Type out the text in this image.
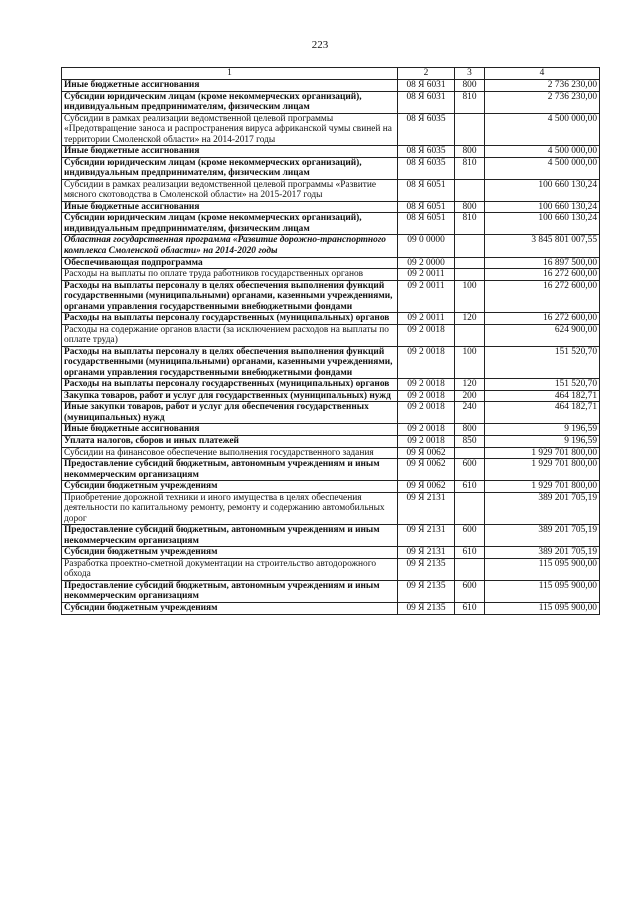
223
1	2	3	4
Иные бюджетные ассигнования	08 Я 6031	800	2 736 230,00
Субсидии юридическим лицам (кроме некоммерческих организаций), индивидуальным предпринимателям, физическим лицам	08 Я 6031	810	2 736 230,00
Субсидии в рамках реализации ведомственной целевой программы «Предотвращение заноса и распространения вируса африканской чумы свиней на территории Смоленской области» на 2014-2017 годы	08 Я 6035		4 500 000,00
Иные бюджетные ассигнования	08 Я 6035	800	4 500 000,00
Субсидии юридическим лицам (кроме некоммерческих организаций), индивидуальным предпринимателям, физическим лицам	08 Я 6035	810	4 500 000,00
Субсидии в рамках реализации ведомственной целевой программы «Развитие мясного скотоводства в Смоленской области» на 2015-2017 годы	08 Я 6051		100 660 130,24
Иные бюджетные ассигнования	08 Я 6051	800	100 660 130,24
Субсидии юридическим лицам (кроме некоммерческих организаций), индивидуальным предпринимателям, физическим лицам	08 Я 6051	810	100 660 130,24
Областная государственная программа «Развитие дорожно-транспортного комплекса Смоленской области» на 2014-2020 годы	09 0 0000		3 845 801 007,55
Обеспечивающая подпрограмма	09 2 0000		16 897 500,00
Расходы на выплаты по оплате труда работников государственных органов	09 2 0011		16 272 600,00
Расходы на выплаты персоналу в целях обеспечения выполнения функций государственными (муниципальными) органами, казенными учреждениями, органами управления государственными внебюджетными фондами	09 2 0011	100	16 272 600,00
Расходы на выплаты персоналу государственных (муниципальных) органов	09 2 0011	120	16 272 600,00
Расходы на содержание органов власти (за исключением расходов на выплаты по оплате труда)	09 2 0018		624 900,00
Расходы на выплаты персоналу в целях обеспечения выполнения функций государственными (муниципальными) органами, казенными учреждениями, органами управления государственными внебюджетными фондами	09 2 0018	100	151 520,70
Расходы на выплаты персоналу государственных (муниципальных) органов	09 2 0018	120	151 520,70
Закупка товаров, работ и услуг для государственных (муниципальных) нужд	09 2 0018	200	464 182,71
Иные закупки товаров, работ и услуг для обеспечения государственных (муниципальных) нужд	09 2 0018	240	464 182,71
Иные бюджетные ассигнования	09 2 0018	800	9 196,59
Уплата налогов, сборов и иных платежей	09 2 0018	850	9 196,59
Субсидии на финансовое обеспечение выполнения государственного задания	09 Я 0062		1 929 701 800,00
Предоставление субсидий бюджетным, автономным учреждениям и иным некоммерческим организациям	09 Я 0062	600	1 929 701 800,00
Субсидии бюджетным учреждениям	09 Я 0062	610	1 929 701 800,00
Приобретение дорожной техники и иного имущества в целях обеспечения деятельности по капитальному ремонту, ремонту и содержанию автомобильных дорог	09 Я 2131		389 201 705,19
Предоставление субсидий бюджетным, автономным учреждениям и иным некоммерческим организациям	09 Я 2131	600	389 201 705,19
Субсидии бюджетным учреждениям	09 Я 2131	610	389 201 705,19
Разработка проектно-сметной документации на строительство автодорожного обхода	09 Я 2135		115 095 900,00
Предоставление субсидий бюджетным, автономным учреждениям и иным некоммерческим организациям	09 Я 2135	600	115 095 900,00
Субсидии бюджетным учреждениям	09 Я 2135	610	115 095 900,00
